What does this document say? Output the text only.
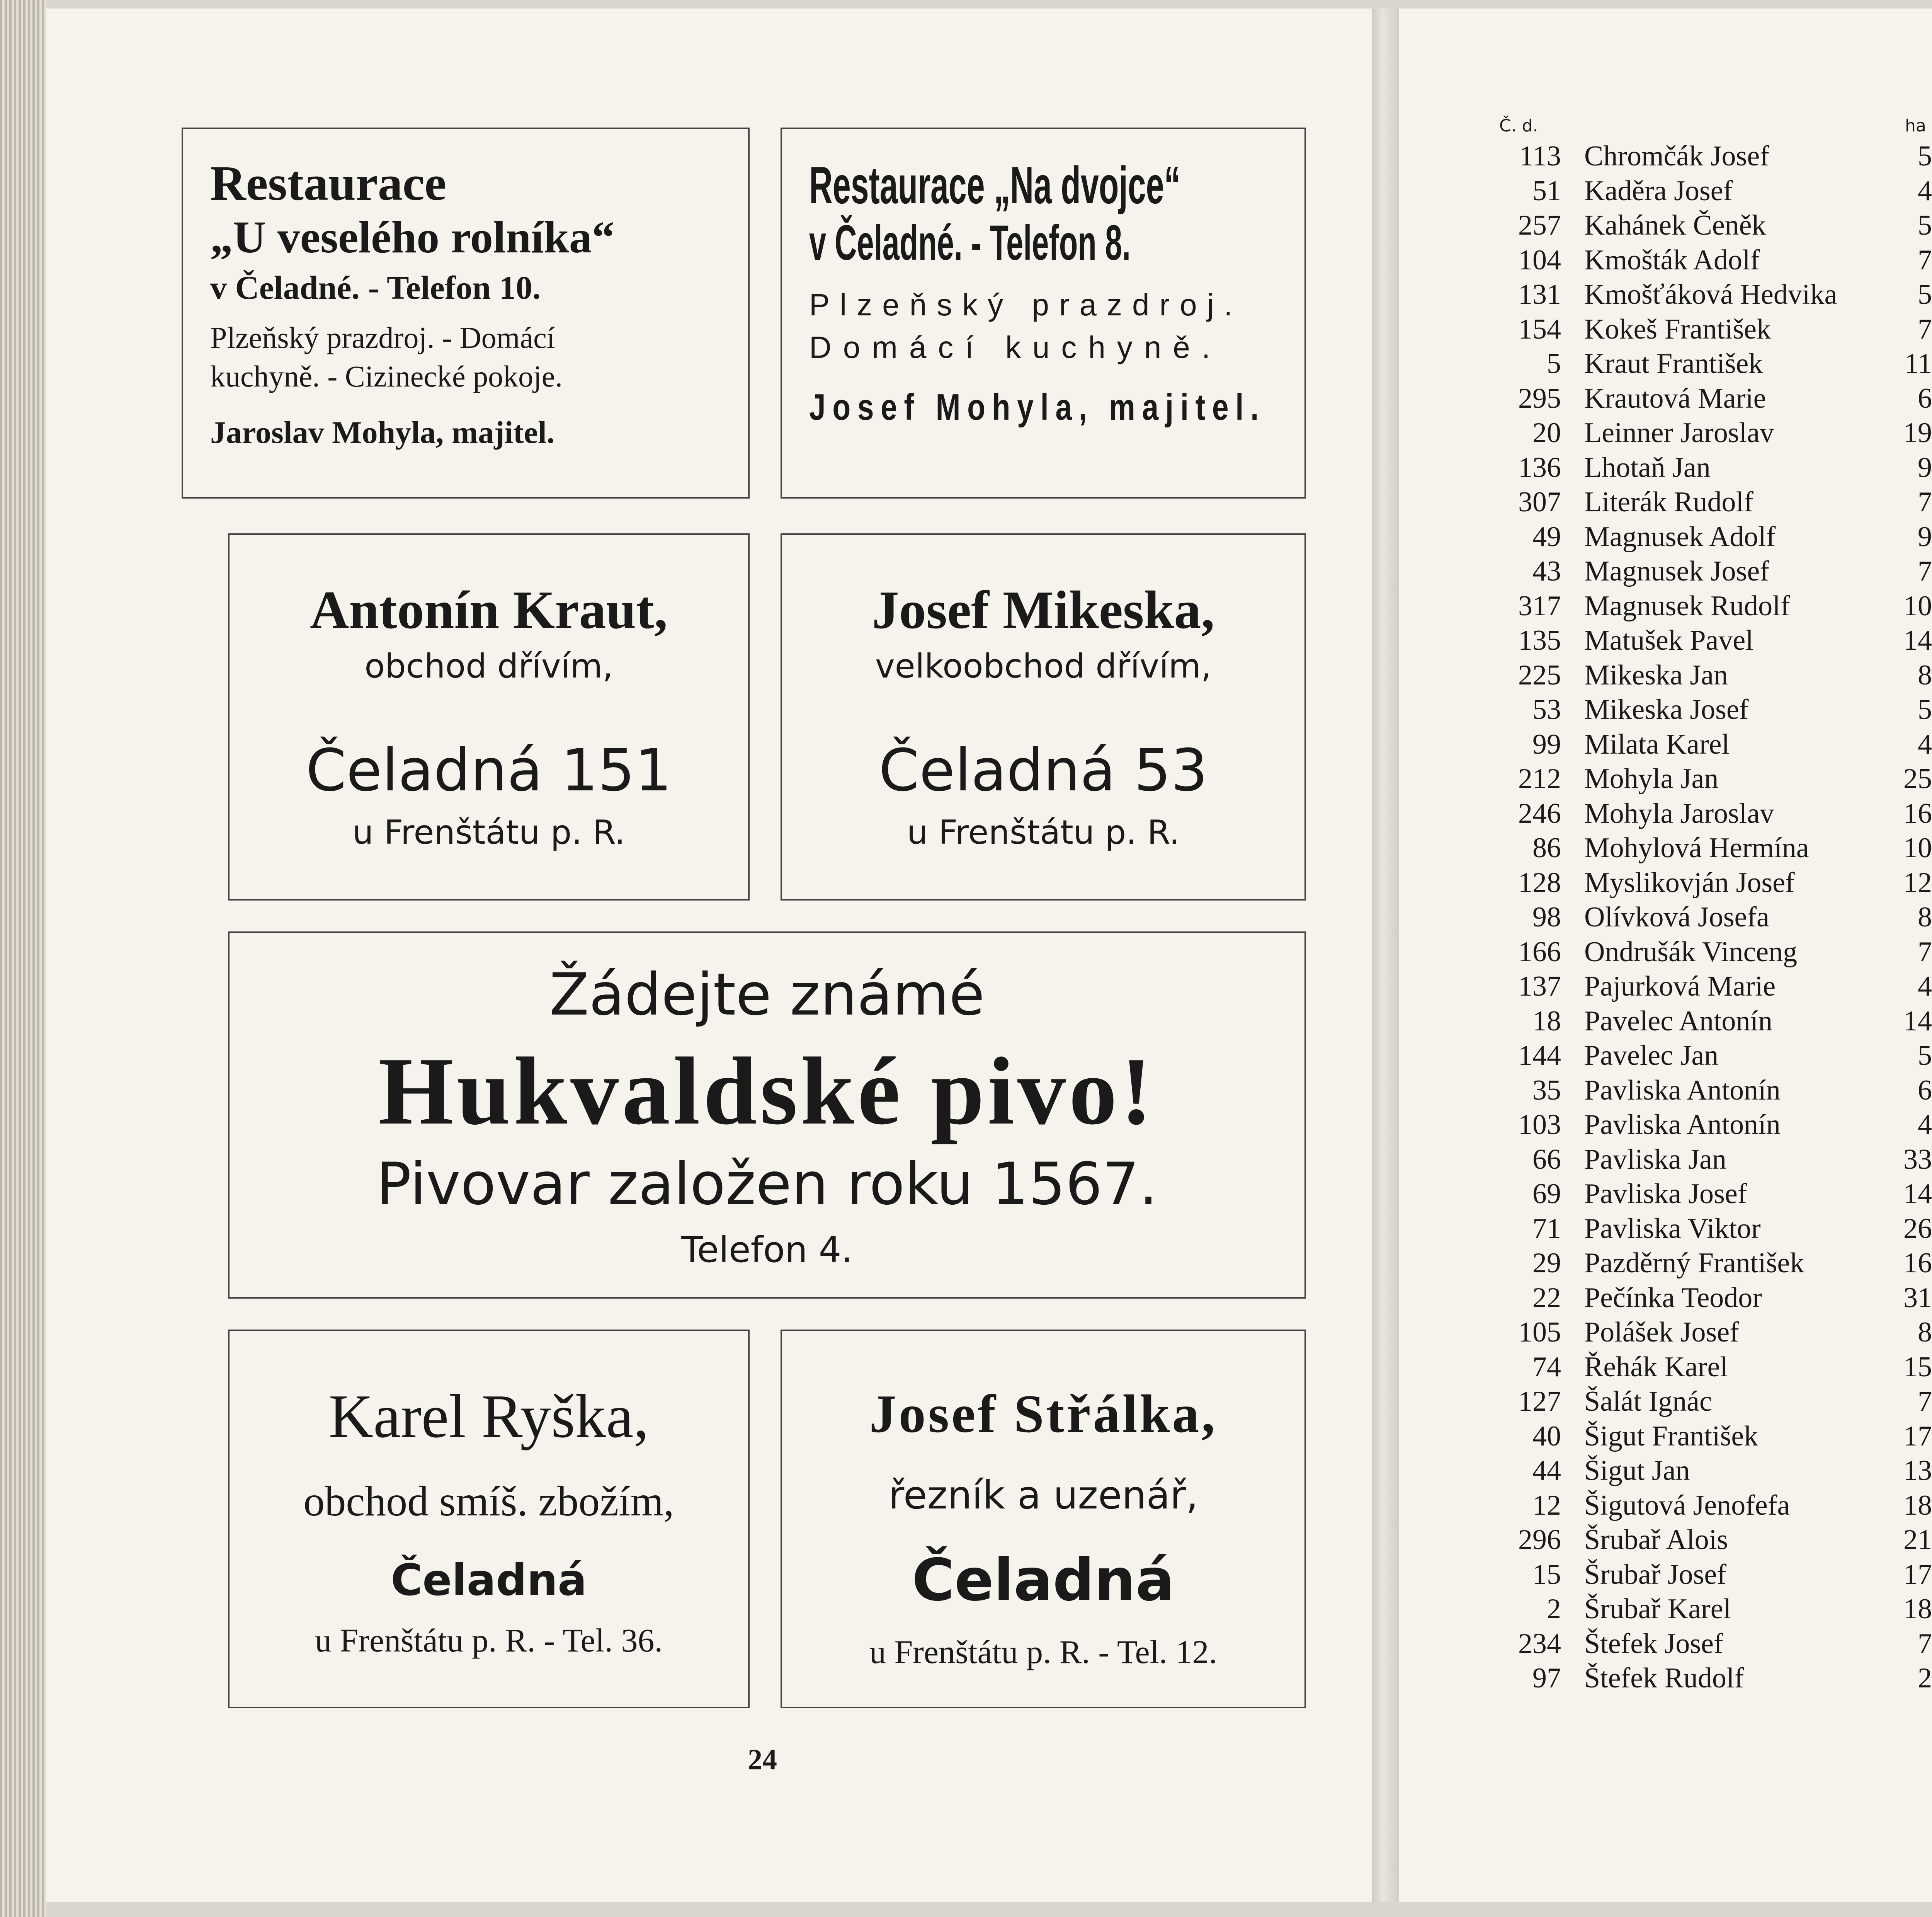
Restaurace
„U veselého rolníka“
v Čeladné. - Telefon 10.
Plzeňský prazdroj. - Domácí
kuchyně. - Cizinecké pokoje.
Jaroslav Mohyla, majitel.
Restaurace „Na dvojce“
v Čeladné. - Telefon 8.
Plzeňský prazdroj.
Domácí kuchyně.
Josef Mohyla, majitel.
Antonín Kraut,
obchod dřívím,
Čeladná 151
u Frenštátu p. R.
Josef Mikeska,
velkoobchod dřívím,
Čeladná 53
u Frenštátu p. R.
Žádejte známé
Hukvaldské pivo!
Pivovar založen roku 1567.
Telefon 4.
Karel Ryška,
obchod smíš. zbožím,
Čeladná
u Frenštátu p. R. - Tel. 36.
Josef Střálka,
řezník a uzenář,
Čeladná
u Frenštátu p. R. - Tel. 12.
24
Č. d.	ha
113 Chromčák Josef	5
51 Kaděra Josef	4
257 Kahánek Čeněk	5
104 Kmošták Adolf	7
131 Kmošťáková Hedvika	5
154 Kokeš František	7
5 Kraut František	11
295 Krautová Marie	6
20 Leinner Jaroslav	19
136 Lhotaň Jan	9
307 Literák Rudolf	7
49 Magnusek Adolf	9
43 Magnusek Josef	7
317 Magnusek Rudolf	10
135 Matušek Pavel	14
225 Mikeska Jan	8
53 Mikeska Josef	5
99 Milata Karel	4
212 Mohyla Jan	25
246 Mohyla Jaroslav	16
86 Mohylová Hermína	10
128 Myslikovján Josef	12
98 Olívková Josefa	8
166 Ondrušák Vinceng	7
137 Pajurková Marie	4
18 Pavelec Antonín	14
144 Pavelec Jan	5
35 Pavliska Antonín	6
103 Pavliska Antonín	4
66 Pavliska Jan	33
69 Pavliska Josef	14
71 Pavliska Viktor	26
29 Pazděrný František	16
22 Pečínka Teodor	31
105 Polášek Josef	8
74 Řehák Karel	15
127 Šalát Ignác	7
40 Šigut František	17
44 Šigut Jan	13
12 Šigutová Jenofefa	18
296 Šrubař Alois	21
15 Šrubař Josef	17
2 Šrubař Karel	18
234 Štefek Josef	7
97 Štefek Rudolf	2
